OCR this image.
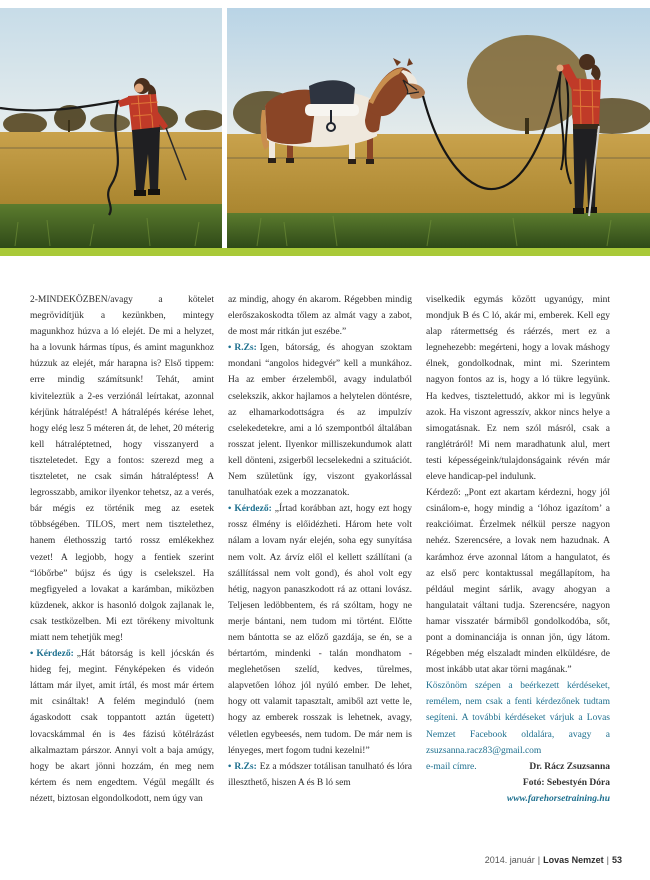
2-MINDEKÖZBEN/avagy a kötelet megrövidítjük a kezünkben, mintegy magunkhoz húzva a ló elejét. De mi a helyzet, ha a lovunk hármas típus, és amint magunkhoz húzzuk az elejét, már harapna is? Első tippem: erre mindig számítsunk! Tehát, amint kiviteleztük a 2-es verziónál leírtakat, azonnal kérjünk hátralépést! A hátralépés kérése lehet, hogy elég lesz 5 méteren át, de lehet, 20 méterig kell hátraléptetned, hogy visszanyerd a tiszteletedet. Egy a fontos: szerezd meg a tiszteletet, ne csak simán hátraléptess! A legrosszabb, amikor ilyenkor tehetsz, az a verés, bár mégis ez történik meg az esetek többségében. TILOS, mert nem tisztelethez, hanem élethosszig tartó rossz emlékekhez vezet! A legjobb, hogy a fentiek szerint “lóbőrbe” bújsz és úgy is cselekszel. Ha megfigyeled a lovakat a karámban, miközben küzdenek, akkor is hasonló dolgok zajlanak le, csak testközelben. Mi ezt törékeny mivoltunk miatt nem tehetjük meg!

• Kérdező: „Hát bátorság is kell jócskán és hideg fej, megint. Fényképeken és videón láttam már ilyet, amit írtál, és most már értem mit csináltak! A felém meginduló (nem ágaskodott csak toppantott aztán ügetett) lovacskámmal én is 4es fázisú kötélrázást alkalmaztam párszor. Annyi volt a baja amúgy, hogy be akart jönni hozzám, én meg nem kértem és nem engedtem. Végül megállt és nézett, biztosan elgondolkodott, nem úgy van

az mindig, ahogy én akarom. Régebben mindig elerőszakoskodta tőlem az almát vagy a zabot, de most már ritkán jut eszébe.”

• R.Zs: Igen, bátorság, és ahogyan szoktam mondani “angolos hidegvér” kell a munkához. Ha az ember érzelemből, avagy indulatból cselekszik, akkor hajlamos a helytelen döntésre, az elhamarkodottságra és az impulzív cselekedetekre, ami a ló szempontból általában rosszat jelent. Ilyenkor milliszekundumok alatt kell dönteni, zsigerből lecselekedni a szituációt. Nem születünk így, viszont gyakorlással tanulhatóak ezek a mozzanatok.

• Kérdező: „Írtad korábban azt, hogy ezt hogy rossz élmény is előidézheti. Három hete volt nálam a lovam nyár elején, soha egy sunyítása nem volt. Az árvíz elől el kellett szállítani (a szállítással nem volt gond), és ahol volt egy hétig, nagyon panaszkodott rá az ottani lovász. Teljesen ledöbbentem, és rá szóltam, hogy ne merje bántani, nem tudom mi történt. Előtte nem bántotta se az előző gazdája, se én, se a bértartóm, mindenki - talán mondhatom - meglehetősen szelíd, kedves, türelmes, alapvetően lóhoz jól nyúló ember. De lehet, hogy ott valamit tapasztalt, amiből azt vette le, hogy az emberek rosszak is lehetnek, avagy, véletlen egybeesés, nem tudom. De már nem is lényeges, mert fogom tudni kezelni!”

• R.Zs: Ez a módszer totálisan tanulható és lóra illeszthető, hiszen A és B ló sem

viselkedik egymás között ugyanúgy, mint mondjuk B és C ló, akár mi, emberek. Kell egy alap rátermettség és ráérzés, mert ez a legnehezebb: megérteni, hogy a lovak máshogy élnek, gondolkodnak, mint mi. Szerintem nagyon fontos az is, hogy a ló tükre legyünk. Ha kedves, tisztelettudó, akkor mi is legyünk azok. Ha viszont agresszív, akkor nincs helye a simogatásnak. Ez nem szól másról, csak a ranglétráról! Mi nem maradhatunk alul, mert testi képességeink/tulajdonságaink révén már eleve handicap-pel indulunk.

Kérdező: „Pont ezt akartam kérdezni, hogy jól csinálom-e, hogy mindig a ‘lóhoz igazítom’ a reakcióimat. Érzelmek nélkül persze nagyon nehéz. Szerencsére, a lovak nem hazudnak. A karámhoz érve azonnal látom a hangulatot, és az első perc kontaktussal megállapítom, ha például megint sárlik, avagy ahogyan a hangulatait váltani tudja. Szerencsére, nagyon hamar visszatér bármiből gondolkodóba, sőt, pont a dominanciája is onnan jön, úgy látom. Régebben még elszaladt minden elküldésre, de most inkább utat akar törni magának.”

Köszönöm szépen a beérkezett kérdéseket, remélem, nem csak a fenti kérdezőnek tudtam segíteni. A további kérdéseket várjuk a Lovas Nemzet Facebook oldalára, avagy a zsuzsanna.racz83@gmail.com

e-mail címre.	Dr. Rácz Zsuzsanna
Fotó: Sebestyén Dóra
www.farehorsetraining.hu
2014. január | Lovas Nemzet | 53
